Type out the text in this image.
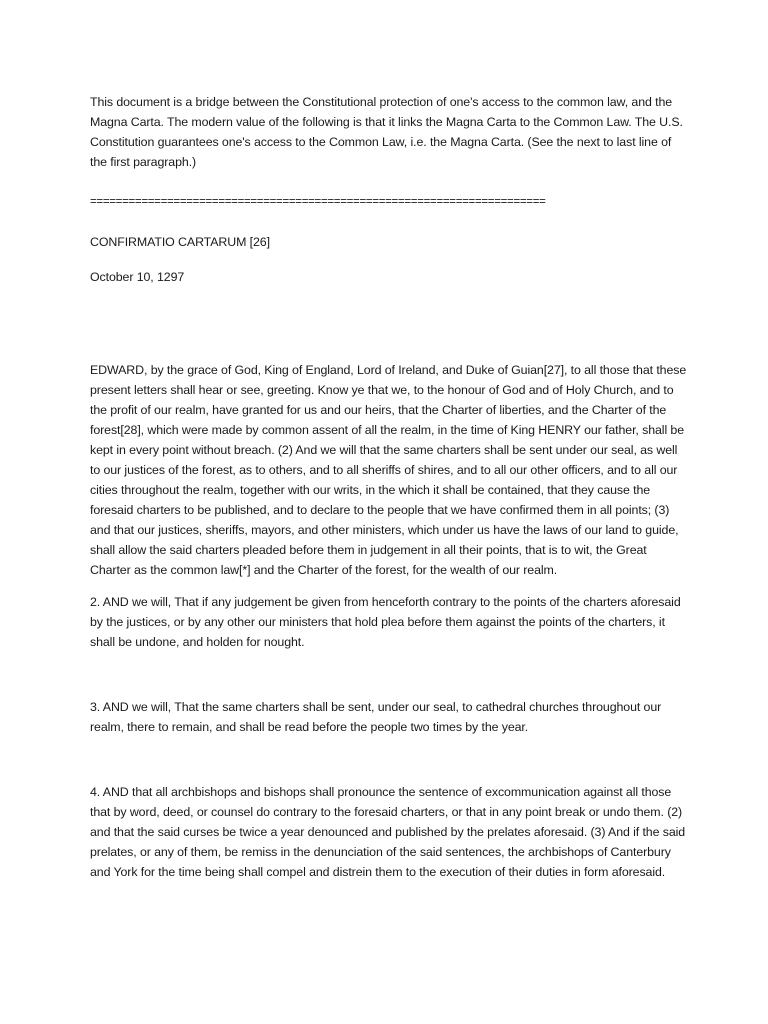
This document is a bridge between the Constitutional protection of one's access to the common law, and the Magna Carta. The modern value of the following is that it links the Magna Carta to the Common Law. The U.S. Constitution guarantees one's access to the Common Law, i.e. the Magna Carta. (See the next to last line of the first paragraph.)

=======================================================================

CONFIRMATIO CARTARUM [26]

October 10, 1297

EDWARD, by the grace of God, King of England, Lord of Ireland, and Duke of Guian[27], to all those that these present letters shall hear or see, greeting. Know ye that we, to the honour of God and of Holy Church, and to the profit of our realm, have granted for us and our heirs, that the Charter of liberties, and the Charter of the forest[28], which were made by common assent of all the realm, in the time of King HENRY our father, shall be kept in every point without breach. (2) And we will that the same charters shall be sent under our seal, as well to our justices of the forest, as to others, and to all sheriffs of shires, and to all our other officers, and to all our cities throughout the realm, together with our writs, in the which it shall be contained, that they cause the foresaid charters to be published, and to declare to the people that we have confirmed them in all points; (3) and that our justices, sheriffs, mayors, and other ministers, which under us have the laws of our land to guide, shall allow the said charters pleaded before them in judgement in all their points, that is to wit, the Great Charter as the common law[*] and the Charter of the forest, for the wealth of our realm.

2. AND we will, That if any judgement be given from henceforth contrary to the points of the charters aforesaid by the justices, or by any other our ministers that hold plea before them against the points of the charters, it shall be undone, and holden for nought.

3. AND we will, That the same charters shall be sent, under our seal, to cathedral churches throughout our realm, there to remain, and shall be read before the people two times by the year.

4. AND that all archbishops and bishops shall pronounce the sentence of excommunication against all those that by word, deed, or counsel do contrary to the foresaid charters, or that in any point break or undo them. (2) and that the said curses be twice a year denounced and published by the prelates aforesaid. (3) And if the said prelates, or any of them, be remiss in the denunciation of the said sentences, the archbishops of Canterbury and York for the time being shall compel and distrein them to the execution of their duties in form aforesaid.
